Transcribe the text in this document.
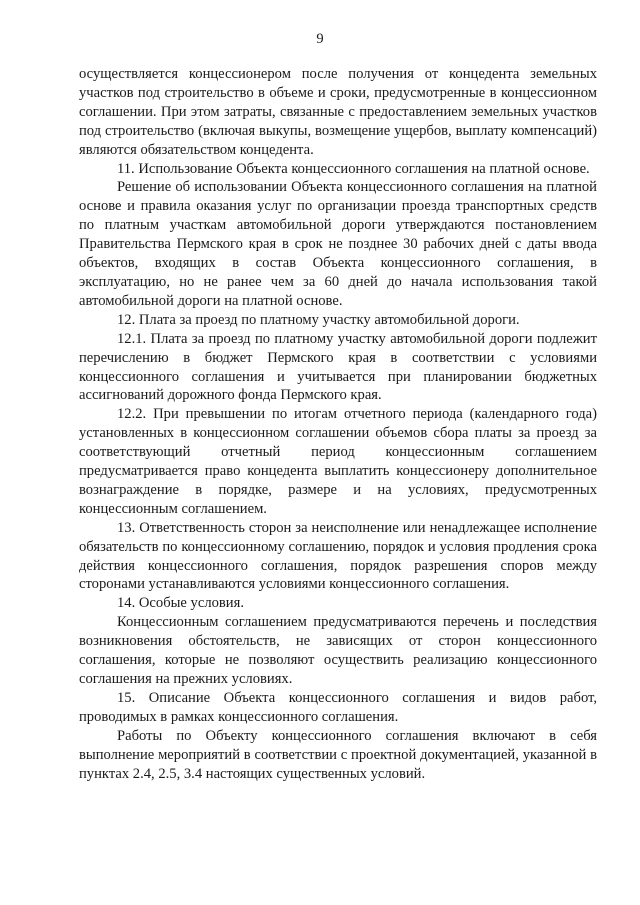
9

осуществляется концессионером после получения от концедента земельных участков под строительство в объеме и сроки, предусмотренные в концессионном соглашении. При этом затраты, связанные с предоставлением земельных участков под строительство (включая выкупы, возмещение ущербов, выплату компенсаций) являются обязательством концедента.

11. Использование Объекта концессионного соглашения на платной основе.

Решение об использовании Объекта концессионного соглашения на платной основе и правила оказания услуг по организации проезда транспортных средств по платным участкам автомобильной дороги утверждаются постановлением Правительства Пермского края в срок не позднее 30 рабочих дней с даты ввода объектов, входящих в состав Объекта концессионного соглашения, в эксплуатацию, но не ранее чем за 60 дней до начала использования такой автомобильной дороги на платной основе.

12. Плата за проезд по платному участку автомобильной дороги.

12.1. Плата за проезд по платному участку автомобильной дороги подлежит перечислению в бюджет Пермского края в соответствии с условиями концессионного соглашения и учитывается при планировании бюджетных ассигнований дорожного фонда Пермского края.

12.2. При превышении по итогам отчетного периода (календарного года) установленных в концессионном соглашении объемов сбора платы за проезд за соответствующий отчетный период концессионным соглашением предусматривается право концедента выплатить концессионеру дополнительное вознаграждение в порядке, размере и на условиях, предусмотренных концессионным соглашением.

13. Ответственность сторон за неисполнение или ненадлежащее исполнение обязательств по концессионному соглашению, порядок и условия продления срока действия концессионного соглашения, порядок разрешения споров между сторонами устанавливаются условиями концессионного соглашения.

14. Особые условия.

Концессионным соглашением предусматриваются перечень и последствия возникновения обстоятельств, не зависящих от сторон концессионного соглашения, которые не позволяют осуществить реализацию концессионного соглашения на прежних условиях.

15. Описание Объекта концессионного соглашения и видов работ, проводимых в рамках концессионного соглашения.

Работы по Объекту концессионного соглашения включают в себя выполнение мероприятий в соответствии с проектной документацией, указанной в пунктах 2.4, 2.5, 3.4 настоящих существенных условий.
